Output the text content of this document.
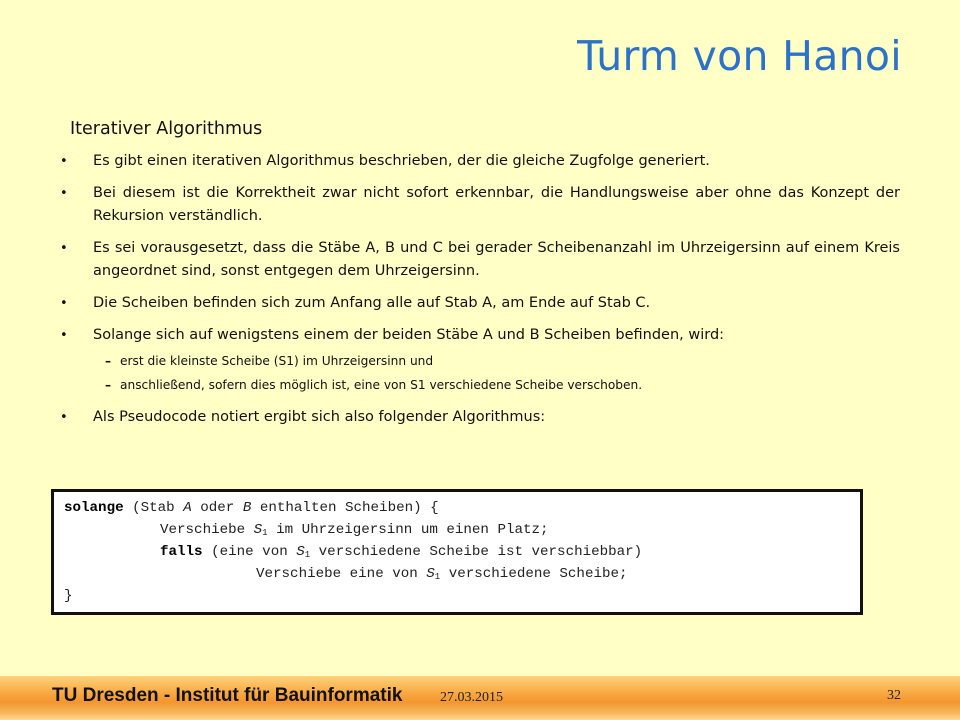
Turm von Hanoi
Iterativer Algorithmus
• Es gibt einen iterativen Algorithmus beschrieben, der die gleiche Zugfolge generiert.
• Bei diesem ist die Korrektheit zwar nicht sofort erkennbar, die Handlungsweise aber ohne das Konzept der Rekursion verständlich.
• Es sei vorausgesetzt, dass die Stäbe A, B und C bei gerader Scheibenanzahl im Uhrzeigersinn auf einem Kreis angeordnet sind, sonst entgegen dem Uhrzeigersinn.
• Die Scheiben befinden sich zum Anfang alle auf Stab A, am Ende auf Stab C.
• Solange sich auf wenigstens einem der beiden Stäbe A und B Scheiben befinden, wird:
– erst die kleinste Scheibe (S1) im Uhrzeigersinn und
– anschließend, sofern dies möglich ist, eine von S1 verschiedene Scheibe verschoben.
• Als Pseudocode notiert ergibt sich also folgender Algorithmus:
solange (Stab A oder B enthalten Scheiben) {
Verschiebe $S_1$ im Uhrzeigersinn um einen Platz;
falls (eine von $S_1$ verschiedene Scheibe ist verschiebbar)
Verschiebe eine von $S_1$ verschiedene Scheibe;
}
TU Dresden - Institut für Bauinformatik	27.03.2015	32
